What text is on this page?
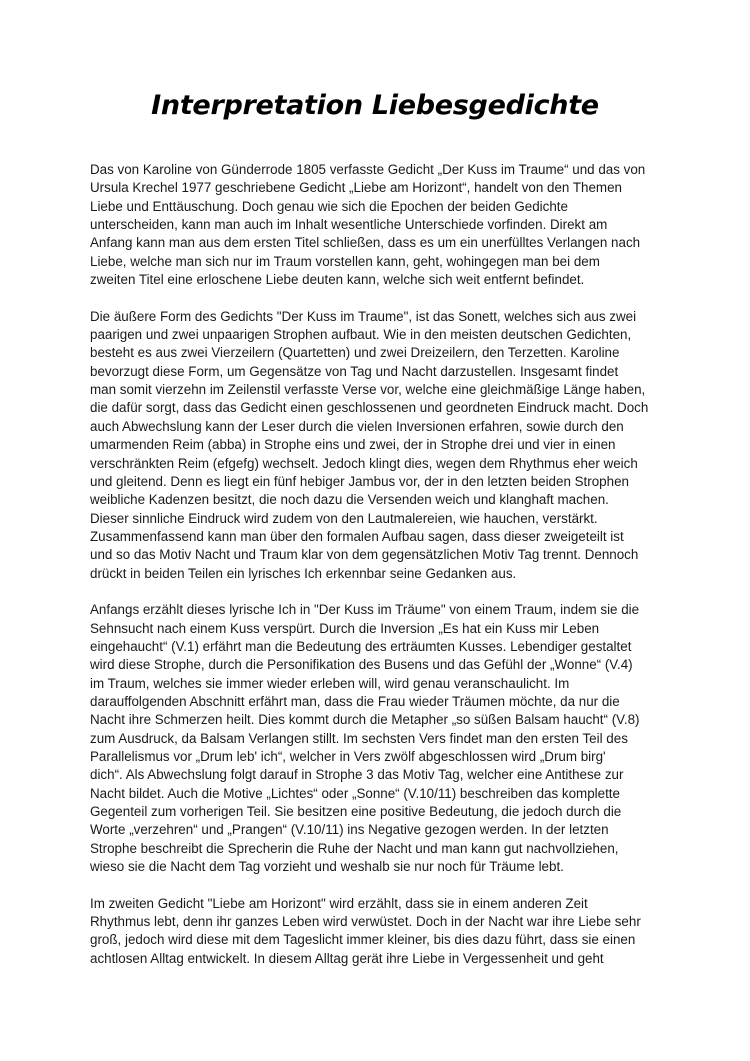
Interpretation Liebesgedichte

Das von Karoline von Günderrode 1805 verfasste Gedicht „Der Kuss im Traume“ und das von
Ursula Krechel 1977 geschriebene Gedicht „Liebe am Horizont“, handelt von den Themen
Liebe und Enttäuschung. Doch genau wie sich die Epochen der beiden Gedichte
unterscheiden, kann man auch im Inhalt wesentliche Unterschiede vorfinden. Direkt am
Anfang kann man aus dem ersten Titel schließen, dass es um ein unerfülltes Verlangen nach
Liebe, welche man sich nur im Traum vorstellen kann, geht, wohingegen man bei dem
zweiten Titel eine erloschene Liebe deuten kann, welche sich weit entfernt befindet.

Die äußere Form des Gedichts "Der Kuss im Traume", ist das Sonett, welches sich aus zwei
paarigen und zwei unpaarigen Strophen aufbaut. Wie in den meisten deutschen Gedichten,
besteht es aus zwei Vierzeilern (Quartetten) und zwei Dreizeilern, den Terzetten. Karoline
bevorzugt diese Form, um Gegensätze von Tag und Nacht darzustellen. Insgesamt findet
man somit vierzehn im Zeilenstil verfasste Verse vor, welche eine gleichmäßige Länge haben,
die dafür sorgt, dass das Gedicht einen geschlossenen und geordneten Eindruck macht. Doch
auch Abwechslung kann der Leser durch die vielen Inversionen erfahren, sowie durch den
umarmenden Reim (abba) in Strophe eins und zwei, der in Strophe drei und vier in einen
verschränkten Reim (efgefg) wechselt. Jedoch klingt dies, wegen dem Rhythmus eher weich
und gleitend. Denn es liegt ein fünf hebiger Jambus vor, der in den letzten beiden Strophen
weibliche Kadenzen besitzt, die noch dazu die Versenden weich und klanghaft machen.
Dieser sinnliche Eindruck wird zudem von den Lautmalereien, wie hauchen, verstärkt.
Zusammenfassend kann man über den formalen Aufbau sagen, dass dieser zweigeteilt ist
und so das Motiv Nacht und Traum klar von dem gegensätzlichen Motiv Tag trennt. Dennoch
drückt in beiden Teilen ein lyrisches Ich erkennbar seine Gedanken aus.

Anfangs erzählt dieses lyrische Ich in "Der Kuss im Träume" von einem Traum, indem sie die
Sehnsucht nach einem Kuss verspürt. Durch die Inversion „Es hat ein Kuss mir Leben
eingehaucht“ (V.1) erfährt man die Bedeutung des erträumten Kusses. Lebendiger gestaltet
wird diese Strophe, durch die Personifikation des Busens und das Gefühl der „Wonne“ (V.4)
im Traum, welches sie immer wieder erleben will, wird genau veranschaulicht. Im
darauffolgenden Abschnitt erfährt man, dass die Frau wieder Träumen möchte, da nur die
Nacht ihre Schmerzen heilt. Dies kommt durch die Metapher „so süßen Balsam haucht“ (V.8)
zum Ausdruck, da Balsam Verlangen stillt. Im sechsten Vers findet man den ersten Teil des
Parallelismus vor „Drum leb' ich“, welcher in Vers zwölf abgeschlossen wird „Drum birg'
dich“. Als Abwechslung folgt darauf in Strophe 3 das Motiv Tag, welcher eine Antithese zur
Nacht bildet. Auch die Motive „Lichtes“ oder „Sonne“ (V.10/11) beschreiben das komplette
Gegenteil zum vorherigen Teil. Sie besitzen eine positive Bedeutung, die jedoch durch die
Worte „verzehren“ und „Prangen“ (V.10/11) ins Negative gezogen werden. In der letzten
Strophe beschreibt die Sprecherin die Ruhe der Nacht und man kann gut nachvollziehen,
wieso sie die Nacht dem Tag vorzieht und weshalb sie nur noch für Träume lebt.

Im zweiten Gedicht "Liebe am Horizont" wird erzählt, dass sie in einem anderen Zeit
Rhythmus lebt, denn ihr ganzes Leben wird verwüstet. Doch in der Nacht war ihre Liebe sehr
groß, jedoch wird diese mit dem Tageslicht immer kleiner, bis dies dazu führt, dass sie einen
achtlosen Alltag entwickelt. In diesem Alltag gerät ihre Liebe in Vergessenheit und geht
